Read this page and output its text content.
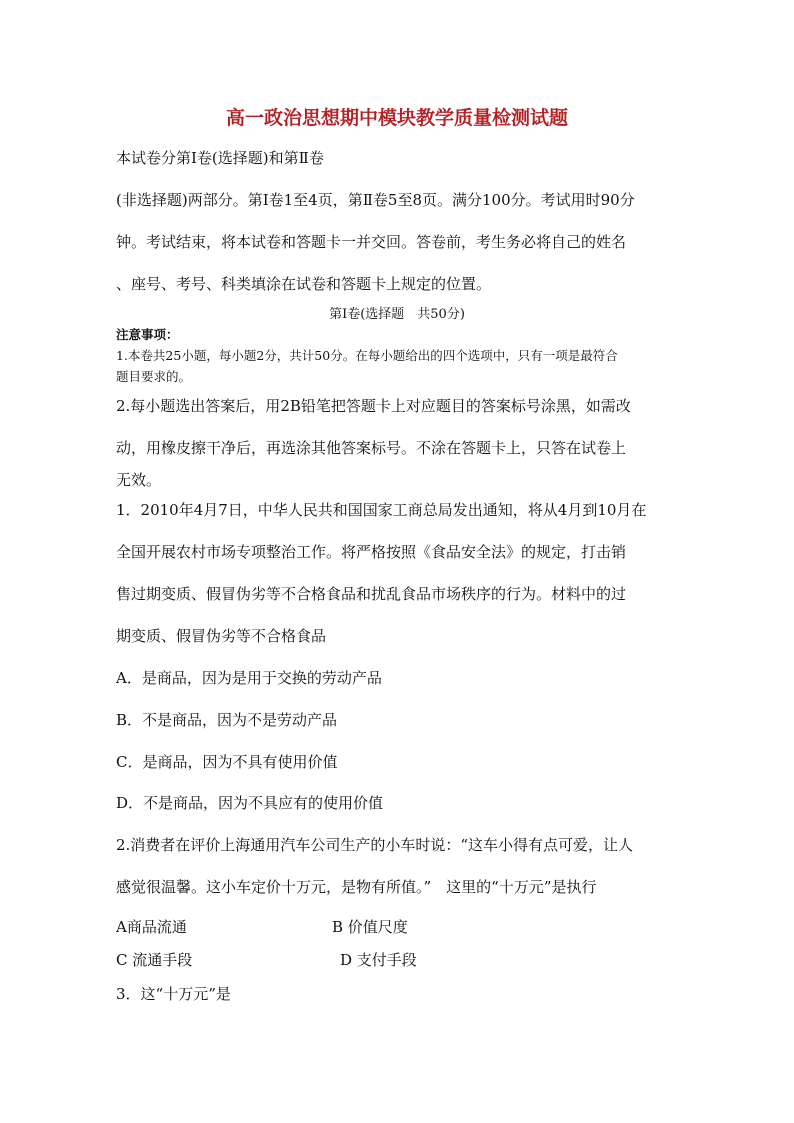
高一政治思想期中模块教学质量检测试题
本试卷分第Ⅰ卷(选择题)和第Ⅱ卷
(非选择题)两部分。第Ⅰ卷1至4页，第Ⅱ卷5至8页。满分100分。考试用时90分
钟。考试结束，将本试卷和答题卡一并交回。答卷前，考生务必将自己的姓名
、座号、考号、科类填涂在试卷和答题卡上规定的位置。
第Ⅰ卷(选择题　共50分)
注意事项：
1.本卷共25小题，每小题2分，共计50分。在每小题给出的四个选项中，只有一项是最符合
题目要求的。
2.每小题选出答案后，用2B铅笔把答题卡上对应题目的答案标号涂黑，如需改
动，用橡皮擦干净后，再选涂其他答案标号。不涂在答题卡上，只答在试卷上
无效。
1．2010年4月7日，中华人民共和国国家工商总局发出通知，将从4月到10月在
全国开展农村市场专项整治工作。将严格按照《食品安全法》的规定，打击销
售过期变质、假冒伪劣等不合格食品和扰乱食品市场秩序的行为。材料中的过
期变质、假冒伪劣等不合格食品
A．是商品，因为是用于交换的劳动产品
B．不是商品，因为不是劳动产品
C．是商品，因为不具有使用价值
D．不是商品，因为不具应有的使用价值
2.消费者在评价上海通用汽车公司生产的小车时说：“这车小得有点可爱，让人
感觉很温馨。这小车定价十万元，是物有所值。”　这里的“十万元”是执行
A商品流通	B 价值尺度
C 流通手段	D 支付手段
3．这“十万元”是
